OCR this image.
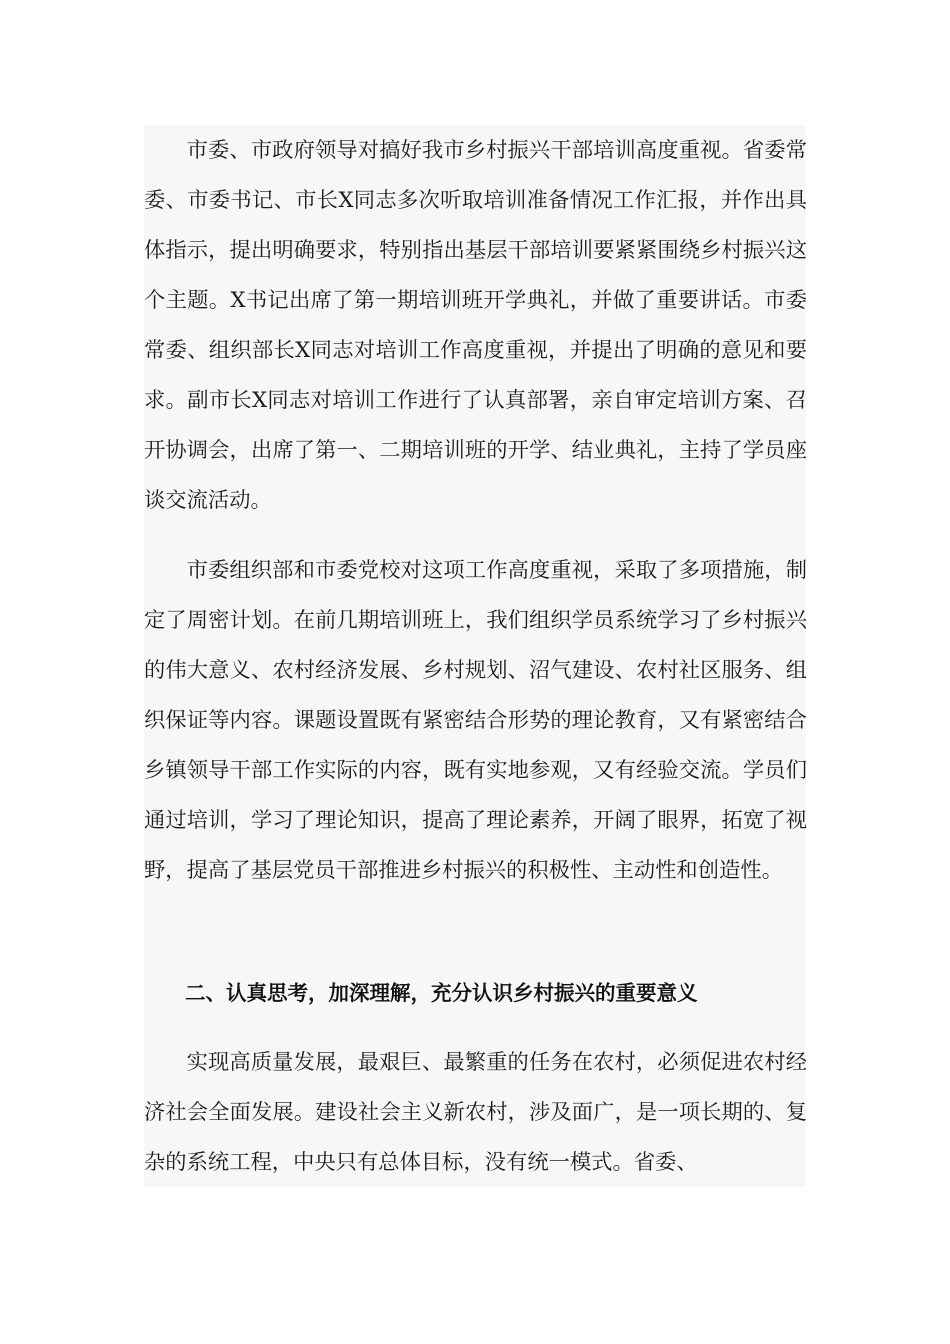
市委、市政府领导对搞好我市乡村振兴干部培训高度重视。省委常委、市委书记、市长X同志多次听取培训准备情况工作汇报，并作出具体指示，提出明确要求，特别指出基层干部培训要紧紧围绕乡村振兴这个主题。X书记出席了第一期培训班开学典礼，并做了重要讲话。市委常委、组织部长X同志对培训工作高度重视，并提出了明确的意见和要求。副市长X同志对培训工作进行了认真部署，亲自审定培训方案、召开协调会，出席了第一、二期培训班的开学、结业典礼，主持了学员座谈交流活动。

市委组织部和市委党校对这项工作高度重视，采取了多项措施，制定了周密计划。在前几期培训班上，我们组织学员系统学习了乡村振兴的伟大意义、农村经济发展、乡村规划、沼气建设、农村社区服务、组织保证等内容。课题设置既有紧密结合形势的理论教育，又有紧密结合乡镇领导干部工作实际的内容，既有实地参观，又有经验交流。学员们通过培训，学习了理论知识，提高了理论素养，开阔了眼界，拓宽了视野，提高了基层党员干部推进乡村振兴的积极性、主动性和创造性。

二、认真思考，加深理解，充分认识乡村振兴的重要意义

实现高质量发展，最艰巨、最繁重的任务在农村，必须促进农村经济社会全面发展。建设社会主义新农村，涉及面广，是一项长期的、复杂的系统工程，中央只有总体目标，没有统一模式。省委、
